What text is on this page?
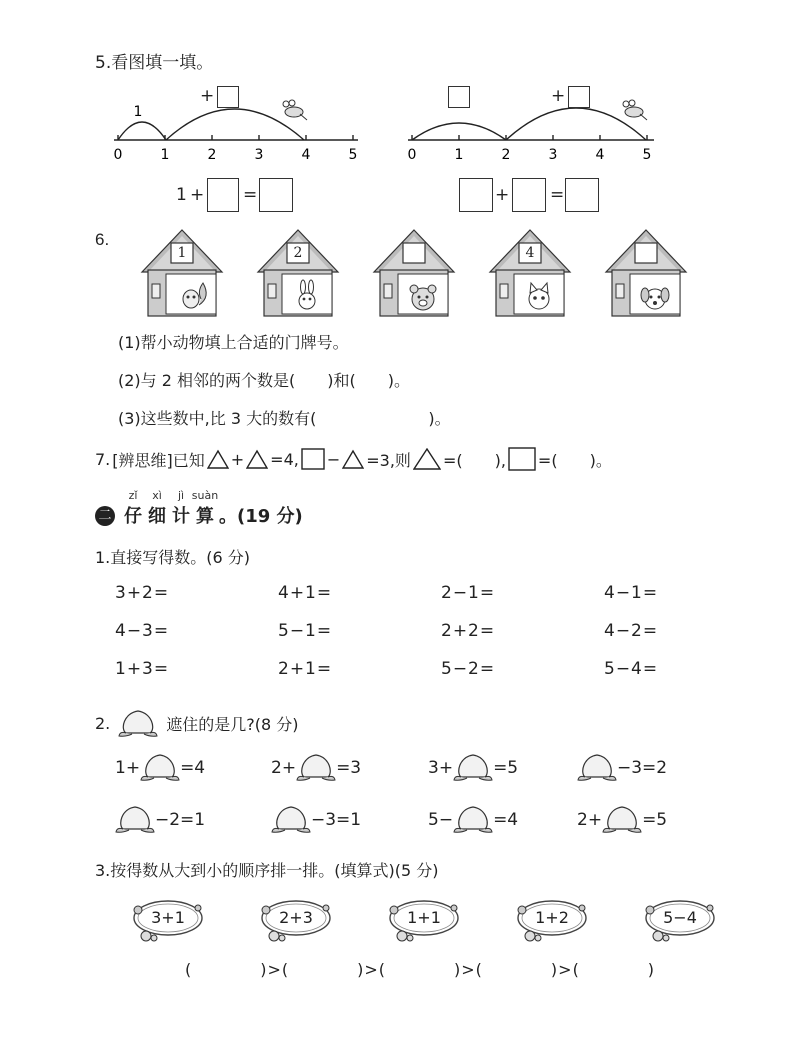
5.看图填一填。
0	1	2	3	4	5
1
+
1 + =
0	1	2	3	4	5
+
+ =
6.
1	2	4
(1)帮小动物填上合适的门牌号。
(2)与 2 相邻的两个数是(　　)和(　　)。
(3)这些数中,比 3 大的数有(　　　　　　　)。
7. [辨思维]已知 + =4, − =3,则 =(　　), =(　　)。
二
zǐ
仔
xì
细
jì
计
suàn
算 。(19 分)
1.直接写得数。(6 分)
3+2=	4+1=	2−1=	4−1=
4−3=	5−1=	2+2=	4−2=
1+3=	2+1=	5−2=	5−4=
2.	遮住的是几?(8 分)
1+ =4	2+ =3	3+ =5	−3=2
−2=1	−3=1	5− =4	2+ =5
3.按得数从大到小的顺序排一排。(填算式)(5 分)
3+1	2+3	1+1	1+2	5−4
(　　　　)>(　　　　)>(　　　　)>(　　　　)>(　　　　)
